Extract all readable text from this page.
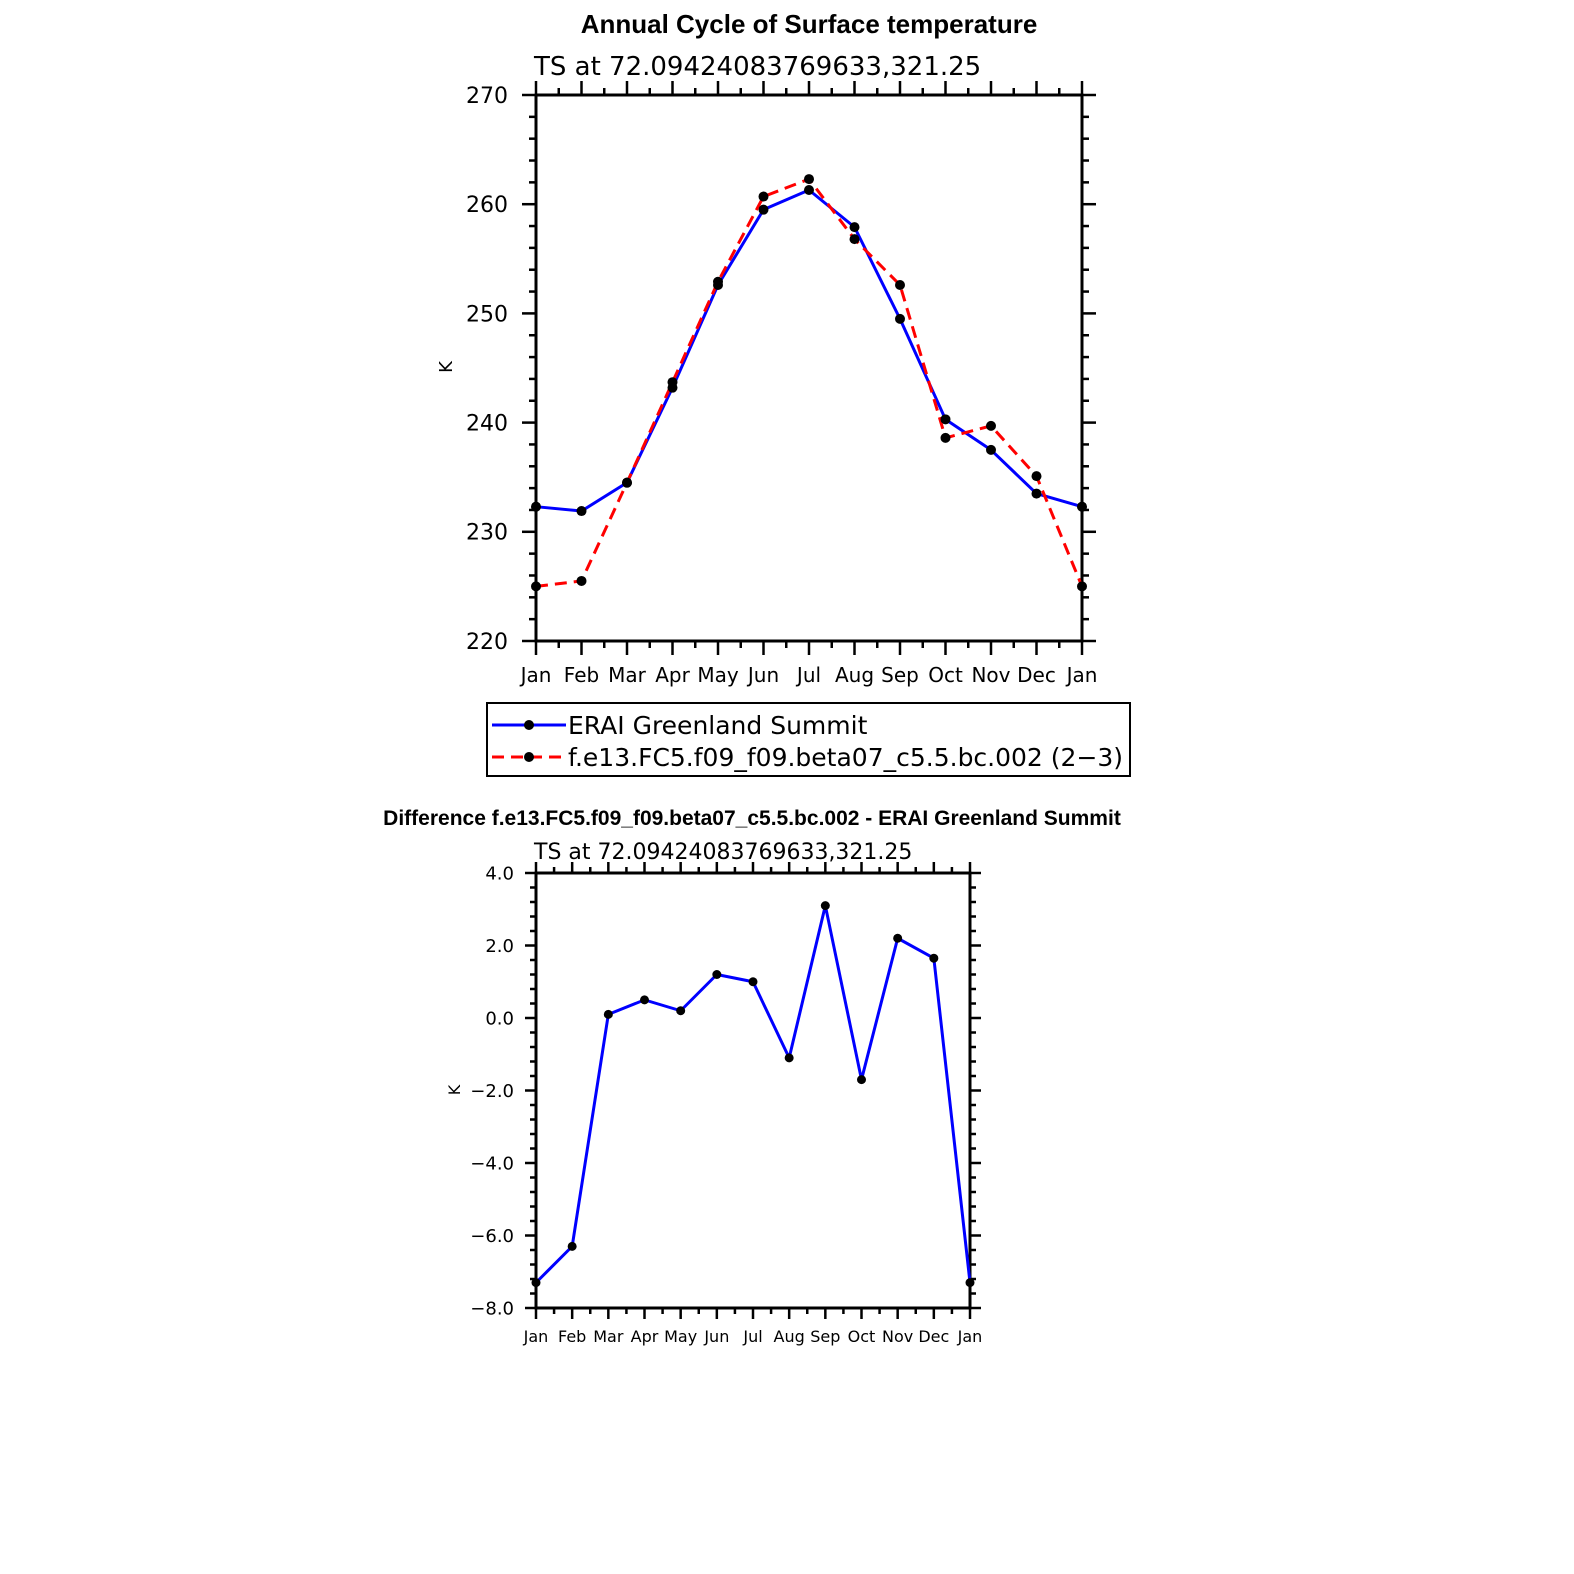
Annual Cycle of Surface temperature
TS at 72.09424083769633,321.25
K
220
230
240
250
260
270
Jan Feb Mar Apr May Jun Jul Aug Sep Oct Nov Dec Jan
ERAI Greenland Summit
f.e13.FC5.f09_f09.beta07_c5.5.bc.002 (2−3)
Difference f.e13.FC5.f09_f09.beta07_c5.5.bc.002 - ERAI Greenland Summit
TS at 72.09424083769633,321.25
K
−8.0
−6.0
−4.0
−2.0
0.0
2.0
4.0
Jan Feb Mar Apr May Jun Jul Aug Sep Oct Nov Dec Jan
